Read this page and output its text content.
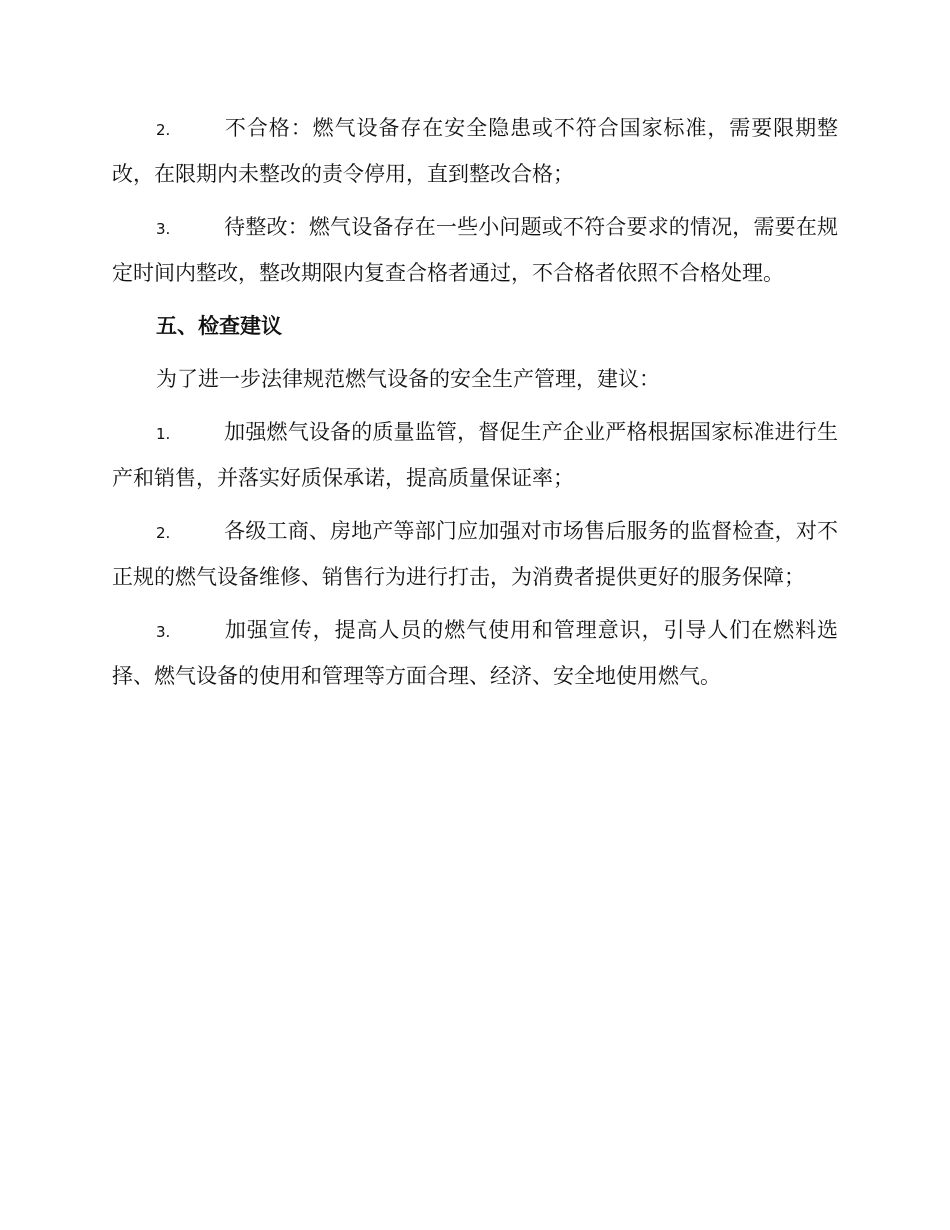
2.	不合格：燃气设备存在安全隐患或不符合国家标准，需要限期整改，在限期内未整改的责令停用，直到整改合格；

3.	待整改：燃气设备存在一些小问题或不符合要求的情况，需要在规定时间内整改，整改期限内复查合格者通过，不合格者依照不合格处理。

五、检查建议

为了进一步法律规范燃气设备的安全生产管理，建议：

1.	加强燃气设备的质量监管，督促生产企业严格根据国家标准进行生产和销售，并落实好质保承诺，提高质量保证率；

2.	各级工商、房地产等部门应加强对市场售后服务的监督检查，对不正规的燃气设备维修、销售行为进行打击，为消费者提供更好的服务保障；

3.	加强宣传，提高人员的燃气使用和管理意识，引导人们在燃料选择、燃气设备的使用和管理等方面合理、经济、安全地使用燃气。
